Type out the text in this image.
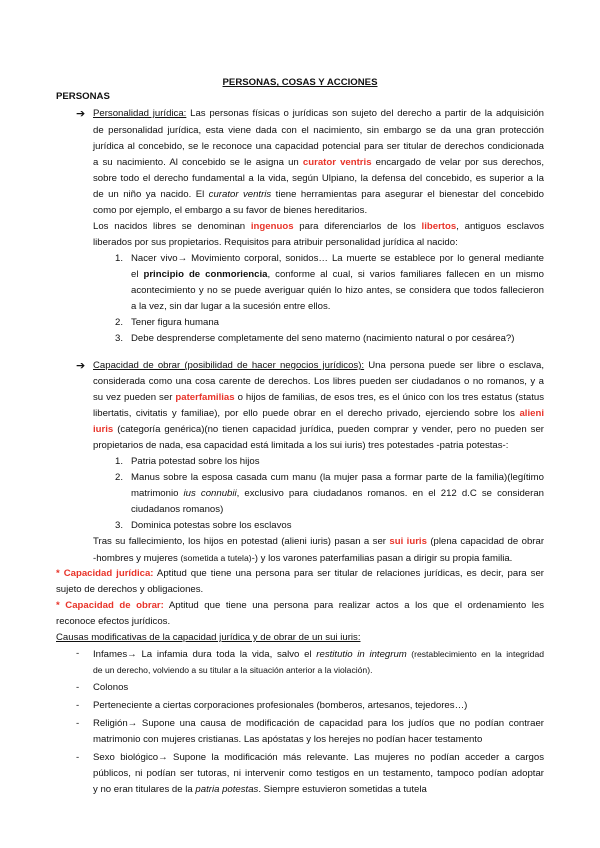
PERSONAS, COSAS Y ACCIONES
PERSONAS
➔ Personalidad jurídica: Las personas físicas o jurídicas son sujeto del derecho a partir de la adquisición
de personalidad jurídica, esta viene dada con el nacimiento, sin embargo se da una gran protección
jurídica al concebido, se le reconoce una capacidad potencial para ser titular de derechos condicionada
a su nacimiento. Al concebido se le asigna un curator ventris encargado de velar por sus derechos,
sobre todo el derecho fundamental a la vida, según Ulpiano, la defensa del concebido, es superior a la
de un niño ya nacido. El curator ventris tiene herramientas para asegurar el bienestar del concebido
como por ejemplo, el embargo a su favor de bienes hereditarios.
Los nacidos libres se denominan ingenuos para diferenciarlos de los libertos, antiguos esclavos
liberados por sus propietarios. Requisitos para atribuir personalidad jurídica al nacido:
1. Nacer vivo→ Movimiento corporal, sonidos… La muerte se establece por lo general mediante
el principio de conmoriencia, conforme al cual, si varios familiares fallecen en un mismo
acontecimiento y no se puede averiguar quién lo hizo antes, se considera que todos fallecieron
a la vez, sin dar lugar a la sucesión entre ellos.
2. Tener figura humana
3. Debe desprenderse completamente del seno materno (nacimiento natural o por cesárea?)
➔ Capacidad de obrar (posibilidad de hacer negocios jurídicos): Una persona puede ser libre o esclava,
considerada como una cosa carente de derechos. Los libres pueden ser ciudadanos o no romanos, y a
su vez pueden ser paterfamilias o hijos de familias, de esos tres, es el único con los tres estatus (status
libertatis, civitatis y familiae), por ello puede obrar en el derecho privado, ejerciendo sobre los alieni
iuris (categoría genérica)(no tienen capacidad jurídica, pueden comprar y vender, pero no pueden ser
propietarios de nada, esa capacidad está limitada a los sui iuris) tres potestades -patria potestas-:
1. Patria potestad sobre los hijos
2. Manus sobre la esposa casada cum manu (la mujer pasa a formar parte de la familia)(legítimo
matrimonio ius connubii, exclusivo para ciudadanos romanos. en el 212 d.C se consideran
ciudadanos romanos)
3. Dominica potestas sobre los esclavos
Tras su fallecimiento, los hijos en potestad (alieni iuris) pasan a ser sui iuris (plena capacidad de obrar
-hombres y mujeres (sometida a tutela)-) y los varones paterfamilias pasan a dirigir su propia familia.
* Capacidad jurídica: Aptitud que tiene una persona para ser titular de relaciones jurídicas, es decir, para ser
sujeto de derechos y obligaciones.
* Capacidad de obrar: Aptitud que tiene una persona para realizar actos a los que el ordenamiento les
reconoce efectos jurídicos.
Causas modificativas de la capacidad jurídica y de obrar de un sui iuris:
- Infames→ La infamia dura toda la vida, salvo el restitutio in integrum (restablecimiento en la integridad
de un derecho, volviendo a su titular a la situación anterior a la violación).
- Colonos
- Perteneciente a ciertas corporaciones profesionales (bomberos, artesanos, tejedores…)
- Religión→ Supone una causa de modificación de capacidad para los judíos que no podían contraer
matrimonio con mujeres cristianas. Las apóstatas y los herejes no podían hacer testamento
- Sexo biológico→ Supone la modificación más relevante. Las mujeres no podían acceder a cargos
públicos, ni podían ser tutoras, ni intervenir como testigos en un testamento, tampoco podían adoptar
y no eran titulares de la patria potestas. Siempre estuvieron sometidas a tutela
